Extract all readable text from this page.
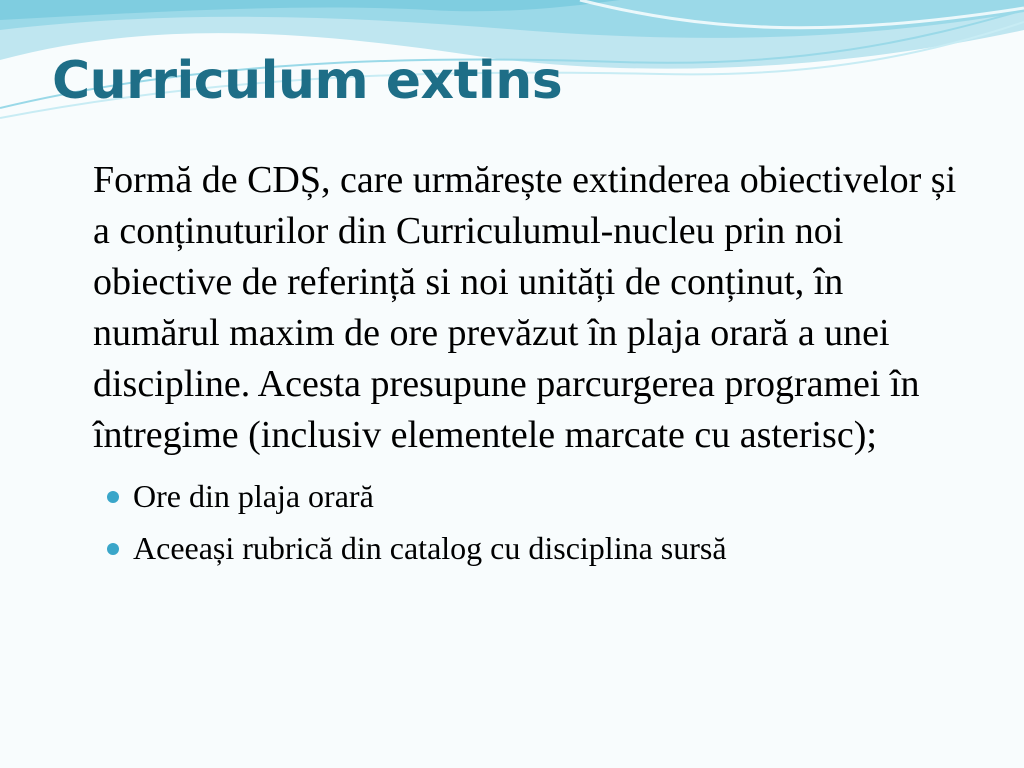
Curriculum extins

Formă de CDȘ, care urmărește extinderea obiectivelor și a conținuturilor din Curriculumul-nucleu prin noi obiective de referință si noi unități de conținut, în numărul maxim de ore prevăzut în plaja orară a unei discipline. Acesta presupune parcurgerea programei în întregime (inclusiv elementele marcate cu asterisc);

Ore din plaja orară
Aceeași rubrică din catalog cu disciplina sursă
